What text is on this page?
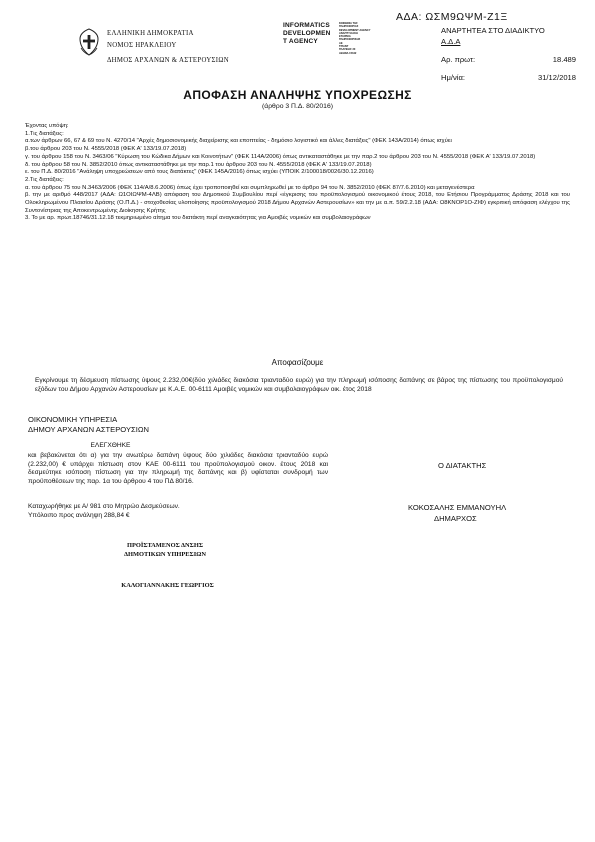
ΕΛΛΗΝΙΚΗ ΔΗΜΟΚΡΑΤΙΑ
ΝΟΜΟΣ ΗΡΑΚΛΕΙΟΥ
ΔΗΜΟΣ ΑΡΧΑΝΩΝ & ΑΣΤΕΡΟΥΣΙΩΝ
INFORMATICS
DEVELOPMEN
T AGENCY
ΚΟΙΝΩΝΙΑ ΤΗΣ
ΠΛΗΡΟΦΟΡΙΑΣ
DEVELOPMENT AGENCY
ΑΝΑΠΤΥΞΙΑΚΗ
ΕΤΑΙΡΕΙΑ
ΠΛΗΡΟΦΟΡΙΚΗΣ
ΑΕ
ΤΡΙΑΝΤ
ΠΛΑΤΕΙΑΣ 20
ΑΘΗΝΑ 15342
ΑΔΑ: ΩΣΜ9ΩΨΜ-Ζ1Ξ
ΑΝΑΡΤΗΤΕΑ ΣΤΟ ΔΙΑΔΙΚΤΥΟ
Α.Δ.Α
Αρ. πρωτ:	18.489
Ημ/νία:	31/12/2018
ΑΠΟΦΑΣΗ ΑΝΑΛΗΨΗΣ ΥΠΟΧΡΕΩΣΗΣ
(άρθρο 3 Π.Δ. 80/2016)

Έχοντας υπόψη:

1.Τις διατάξεις:

α.των άρθρων 66, 67 & 69 του Ν. 4270/14 "Αρχές δημοσιονομικής διαχείρισης και εποπτείας - δημόσιο λογιστικό και άλλες διατάξεις" (ΦΕΚ 143Α/2014) όπως ισχύει

β.του άρθρου 203 του Ν. 4555/2018 (ΦΕΚ Α' 133/19.07.2018)

γ. του άρθρου 158 του Ν. 3463/06 "Κύρωση του Κώδικα Δήμων και Κοινοτήτων" (ΦΕΚ 114Α/2006) όπως αντικαταστάθηκε με την παρ.2 του άρθρου 203 του Ν. 4555/2018 (ΦΕΚ Α' 133/19.07.2018)

δ. του άρθρου 58 του Ν. 3852/2010 όπως αντικαταστάθηκε με την παρ.1 του άρθρου 203 του Ν. 4555/2018 (ΦΕΚ Α' 133/19.07.2018)

ε. του Π.Δ. 80/2016 "Ανάληψη υποχρεώσεων από τους διατάκτες" (ΦΕΚ 145Α/2016) όπως ισχύει (ΥΠΟΙΚ 2/100018/0026/30.12.2016)

2.Τις διατάξεις:

α. του άρθρου 75 του Ν.3463/2006 (ΦΕΚ 114/Α/8.6.2006) όπως έχει τροποποιηθεί και συμπληρωθεί με το άρθρο 94 του Ν. 3852/2010 (ΦΕΚ 87/7.6.2010) και μεταγενέστερα

β. την με αριθμό 448/2017 (ΑΔΑ: Ω1ΟΙΩΨΜ-4ΛΒ) απόφαση του Δημοτικού Συμβουλίου περί «έγκρισης του προϋπολογισμού οικονομικού έτους 2018, του Ετήσιου Προγράμματος Δράσης 2018 και του Ολοκληρωμένου Πλαισίου Δράσης (Ο.Π.Δ.) - στοχοθεσίας υλοποίησης προϋπολογισμού 2018 Δήμου Αρχανών Αστερουσίων» και την με α.π. 59/2.2.18 (ΑΔΑ: Ω8ΚΝΟΡ1Ο-ΖΙΦ) εγκριτική απόφαση ελέγχου της Συντονίστριας της Αποκεντρωμένης Διοίκησης Κρήτης

3. Το με αρ. πρωτ.18746/31.12.18 τεκμηριωμένο αίτημα του διατάκτη περί αναγκαιότητας για Αμοιβές νομικών και συμβολαιογράφων

Αποφασίζουμε
Εγκρίνουμε τη δέσμευση πίστωσης ύψους 2.232,00€(δύο χιλιάδες διακόσια τριανταδύο ευρώ) για την πληρωμή ισόποσης δαπάνης σε βάρος της πίστωσης του προϋπολογισμού εξόδων του Δήμου Αρχανών Αστερουσίων με Κ.Α.Ε. 00-6111 Αμοιβές νομικών και συμβολαιογράφων οικ. έτος 2018
ΟΙΚΟΝΟΜΙΚΗ ΥΠΗΡΕΣΙΑ
ΔΗΜΟΥ ΑΡΧΑΝΩΝ ΑΣΤΕΡΟΥΣΙΩΝ
ΕΛΕΓΧΘΗΚΕ
και βεβαιώνεται ότι α) για την ανωτέρω δαπάνη ύψους δύο χιλιάδες διακόσια τριανταδύο ευρώ (2.232,00) € υπάρχει πίστωση στον ΚΑΕ 00-6111 του προϋπολογισμού οικον. έτους 2018 και δεσμεύτηκε ισόποση πίστωση για την πληρωμή της δαπάνης και β) υφίσταται συνδρομή των προϋποθέσεων της παρ. 1α του άρθρου 4 του ΠΔ 80/16.
Καταχωρήθηκε με Α/ 981 στο Μητρώο Δεσμεύσεων.
Υπόλοιπο προς ανάληψη 288,84 €
Ο ΔΙΑΤΑΚΤΗΣ
ΚΟΚΟΣΑΛΗΣ ΕΜΜΑΝΟΥΗΛ
ΔΗΜΑΡΧΟΣ
ΠΡΟΪΣΤΑΜΕΝΟΣ ΔΝΣΗΣ
ΔΗΜΟΤΙΚΩΝ ΥΠΗΡΕΣΙΩΝ
ΚΑΛΟΓΙΑΝΝΑΚΗΣ ΓΕΩΡΓΙΟΣ
